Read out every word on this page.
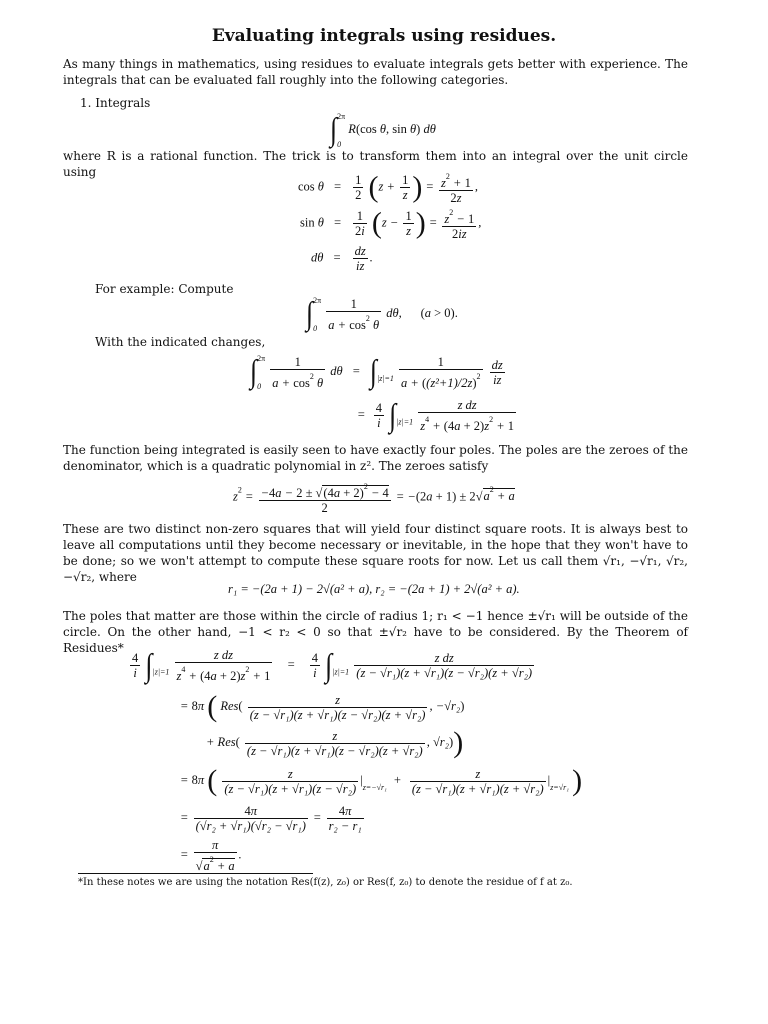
Evaluating integrals using residues.
As many things in mathematics, using residues to evaluate integrals gets better with experience. The integrals that can be evaluated fall roughly into the following categories.
1. Integrals
$\int_0^{2\pi}$ R(cos θ, sin θ) dθ
where R is a rational function. The trick is to transform them into an integral over the unit circle using
$\cos \theta = \frac{1}{2} (z + \frac{1}{z}$ ) = $\frac{z^2 + 1}{2z}$ ,
$\sin \theta = \frac{1}{2i} (z - \frac{1}{z}$ ) = $\frac{z^2 - 1}{2iz}$ ,
$d\theta = \frac{dz}{iz}$ .
For example: Compute
$\int_0^{2\pi} \frac{1}{a + \cos^2 \theta} d\theta$,      (a > 0).
With the indicated changes,
$\int_0^{2\pi} \frac{1}{a + \cos^2 \theta}$ $d\theta = \int_{|z|=1} \frac{1}{a + ((z^2+1)/2z)^2}$
$\frac{dz}{iz}$
= $\frac{4}{i} \int_{|z|=1} \frac{\text{z dz}}{z^4 + (4a + 2)z^2 + 1}$
The function being integrated is easily seen to have exactly four poles. The poles are the zeroes of the denominator, which is a quadratic polynomial in z². The zeroes satisfy
$z^2 = \frac{-4a - 2 \pm √(4a + 2)^2 - 4}{2} = -(2a + 1) \pm 2√a^2 + a$
These are two distinct non-zero squares that will yield four distinct square roots. It is always best to leave all computations until they become necessary or inevitable, in the hope that they won't have to be done; so we won't attempt to compute these square roots for now. Let us call them √r₁, −√r₁, √r₂, −√r₂, where
r₁ = −(2a + 1) − 2√(a² + a), r₂ = −(2a + 1) + 2√(a² + a).
The poles that matter are those within the circle of radius 1; r₁ < −1 hence ±√r₁ will be outside of the circle. On the other hand, −1 < r₂ < 0 so that ±√r₂ have to be considered. By the Theorem of Residues*
$\frac{4}{i} \int_{|z|=1} \frac{\text{z dz}}{z^4 + (4a + 2)z^2 + 1} = \frac{4}{i} \int_{|z|=1} \frac{\text{z dz}}{\text{(z − √r₁)(z + √r₁)(z − √r₂)(z + √r₂)}}$
= 8π ( $Res( \frac{z}{\text{(z − √r₁)(z + √r₁)(z − √r₂)(z + √r₂)}}$ , −√r₂)
+ $Res( \frac{z}{\text{(z − √r₁)(z + √r₁)(z − √r₂)(z + √r₂)}}$ , √r₂))
= 8π ( $\frac{z}{\text{(z − √r₁)(z + √r₁)(z − √r₂)}} |_{z=-√r_1} + \frac{z}{\text{(z − √r₁)(z + √r₁)(z + √r₂)}} |_{z=√r_1}$ )
= $\frac{4\pi}{\text{(√r₂ + √r₁)(√r₂ − √r₁)}} = \frac{4\pi}{\text{r₂ − r₁}}$
= $\frac{\pi}{√a^2 + a}$ .
*In these notes we are using the notation Res(f(z), z₀) or Res(f, z₀) to denote the residue of f at z₀.
